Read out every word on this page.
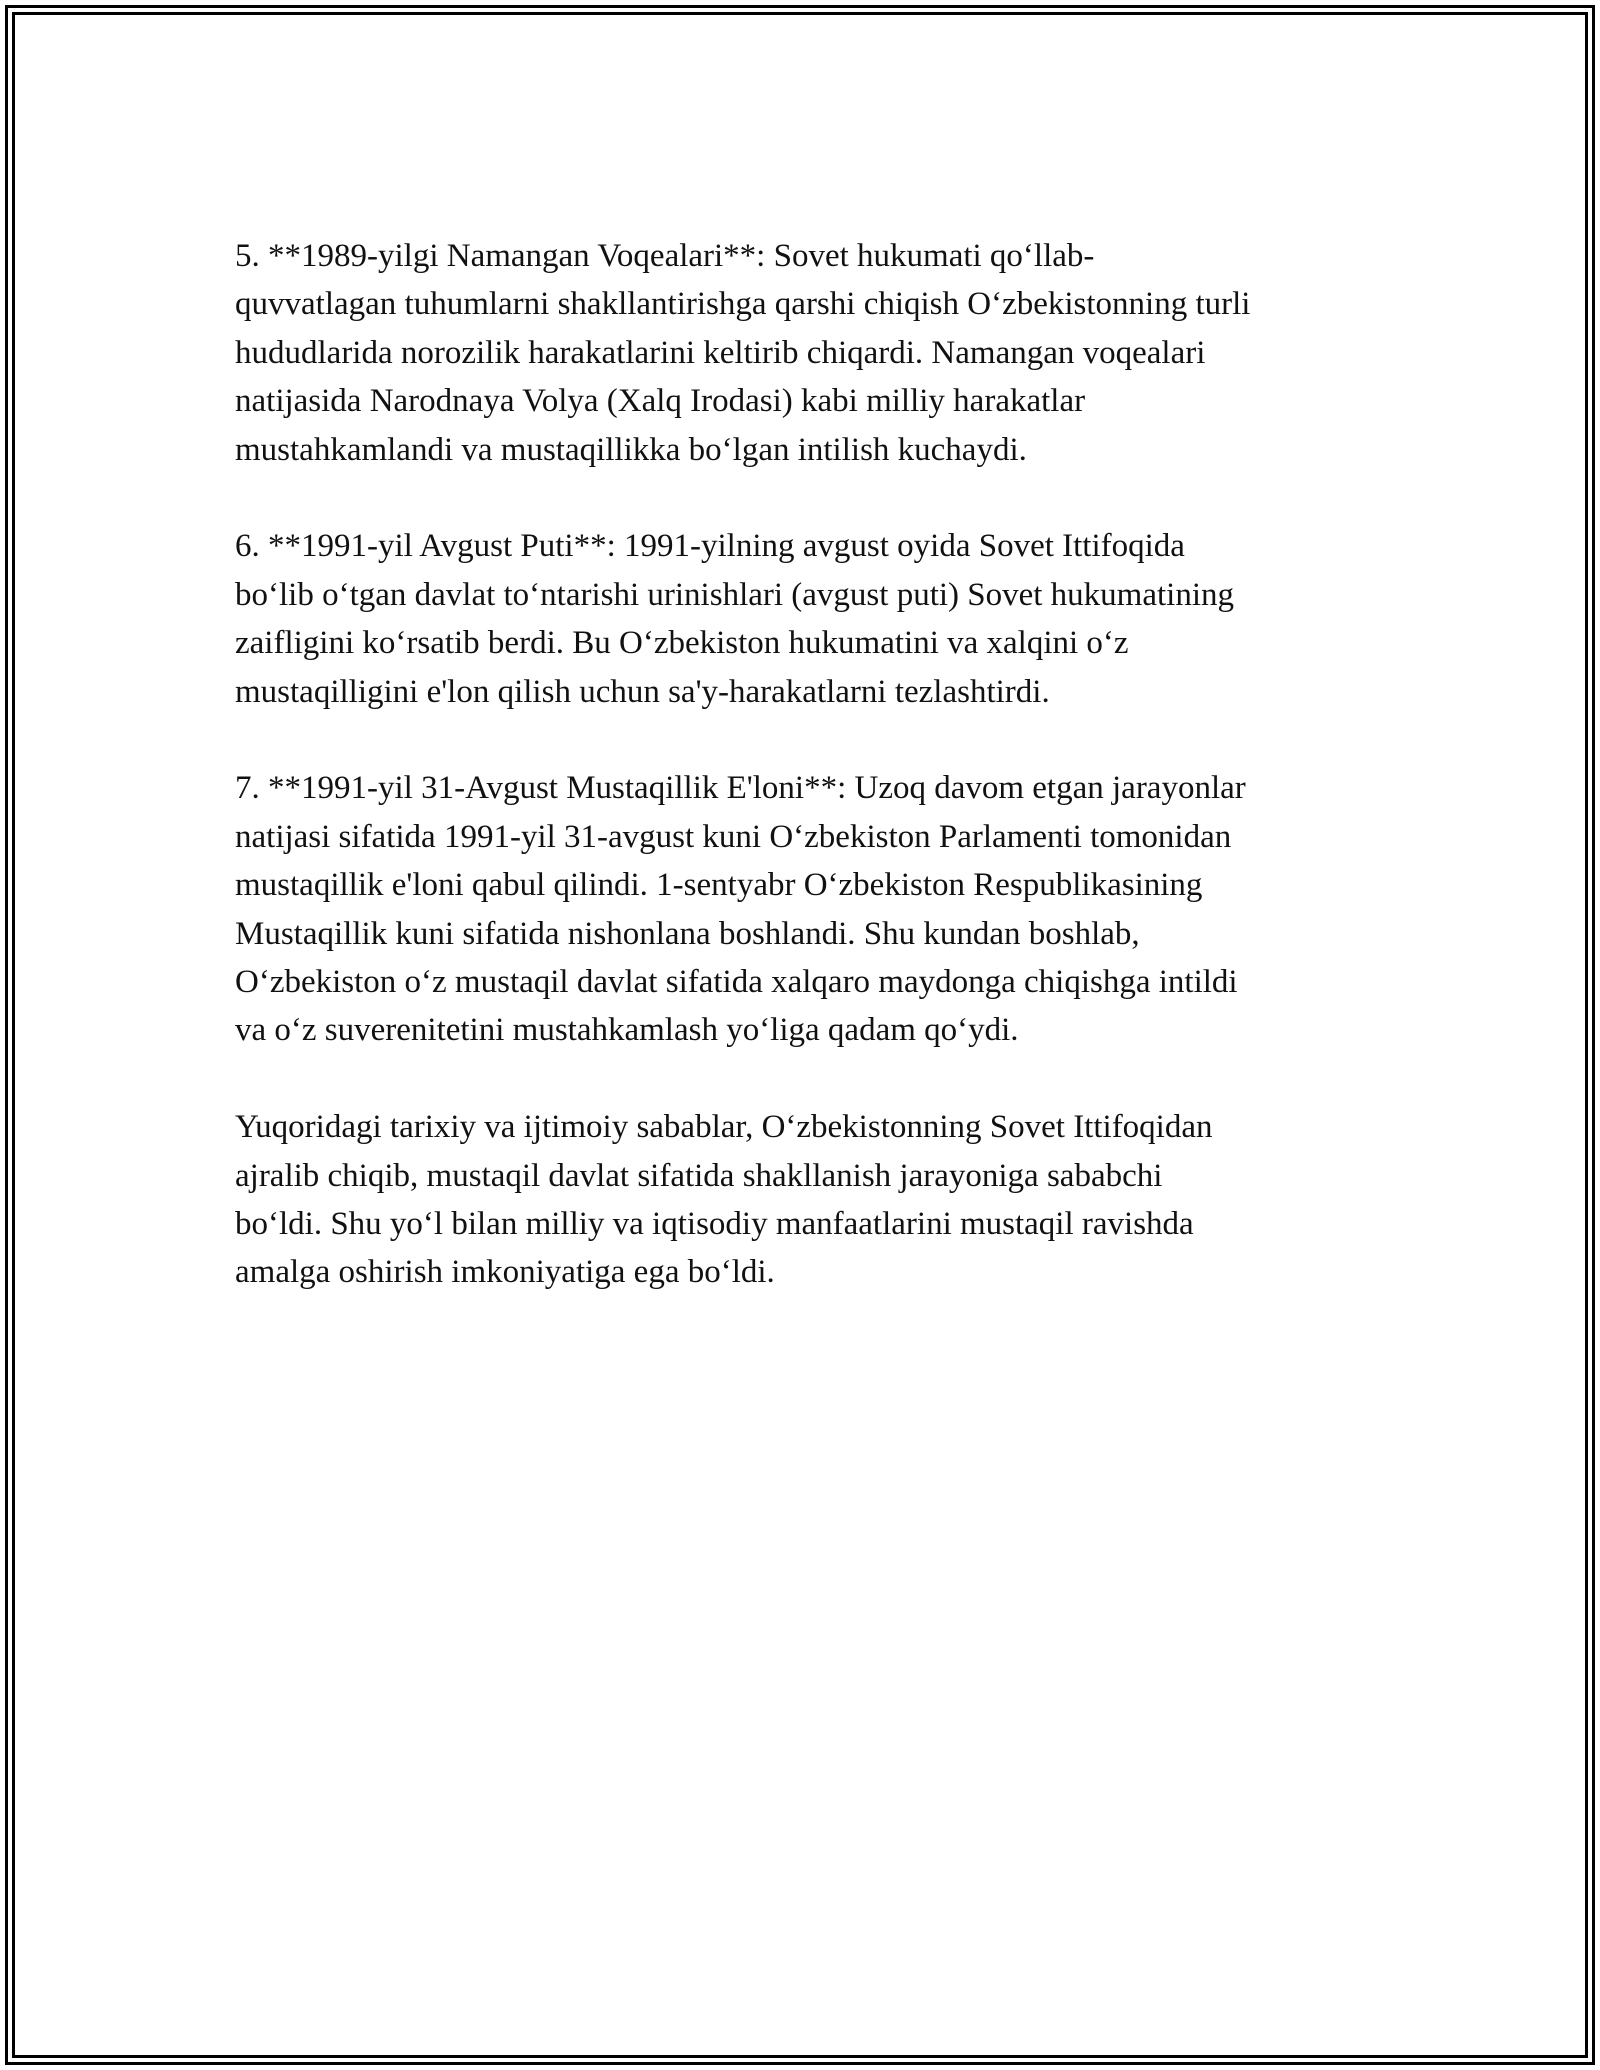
5. **1989-yilgi Namangan Voqealari**: Sovet hukumati qo‘llab-
quvvatlagan tuhumlarni shakllantirishga qarshi chiqish O‘zbekistonning turli
hududlarida norozilik harakatlarini keltirib chiqardi. Namangan voqealari
natijasida Narodnaya Volya (Xalq Irodasi) kabi milliy harakatlar
mustahkamlandi va mustaqillikka bo‘lgan intilish kuchaydi.

6. **1991-yil Avgust Puti**: 1991-yilning avgust oyida Sovet Ittifoqida
bo‘lib o‘tgan davlat to‘ntarishi urinishlari (avgust puti) Sovet hukumatining
zaifligini ko‘rsatib berdi. Bu O‘zbekiston hukumatini va xalqini o‘z
mustaqilligini e'lon qilish uchun sa'y-harakatlarni tezlashtirdi.

7. **1991-yil 31-Avgust Mustaqillik E'loni**: Uzoq davom etgan jarayonlar
natijasi sifatida 1991-yil 31-avgust kuni O‘zbekiston Parlamenti tomonidan
mustaqillik e'loni qabul qilindi. 1-sentyabr O‘zbekiston Respublikasining
Mustaqillik kuni sifatida nishonlana boshlandi. Shu kundan boshlab,
O‘zbekiston o‘z mustaqil davlat sifatida xalqaro maydonga chiqishga intildi
va o‘z suverenitetini mustahkamlash yo‘liga qadam qo‘ydi.

Yuqoridagi tarixiy va ijtimoiy sabablar, O‘zbekistonning Sovet Ittifoqidan
ajralib chiqib, mustaqil davlat sifatida shakllanish jarayoniga sababchi
bo‘ldi. Shu yo‘l bilan milliy va iqtisodiy manfaatlarini mustaqil ravishda
amalga oshirish imkoniyatiga ega bo‘ldi.
